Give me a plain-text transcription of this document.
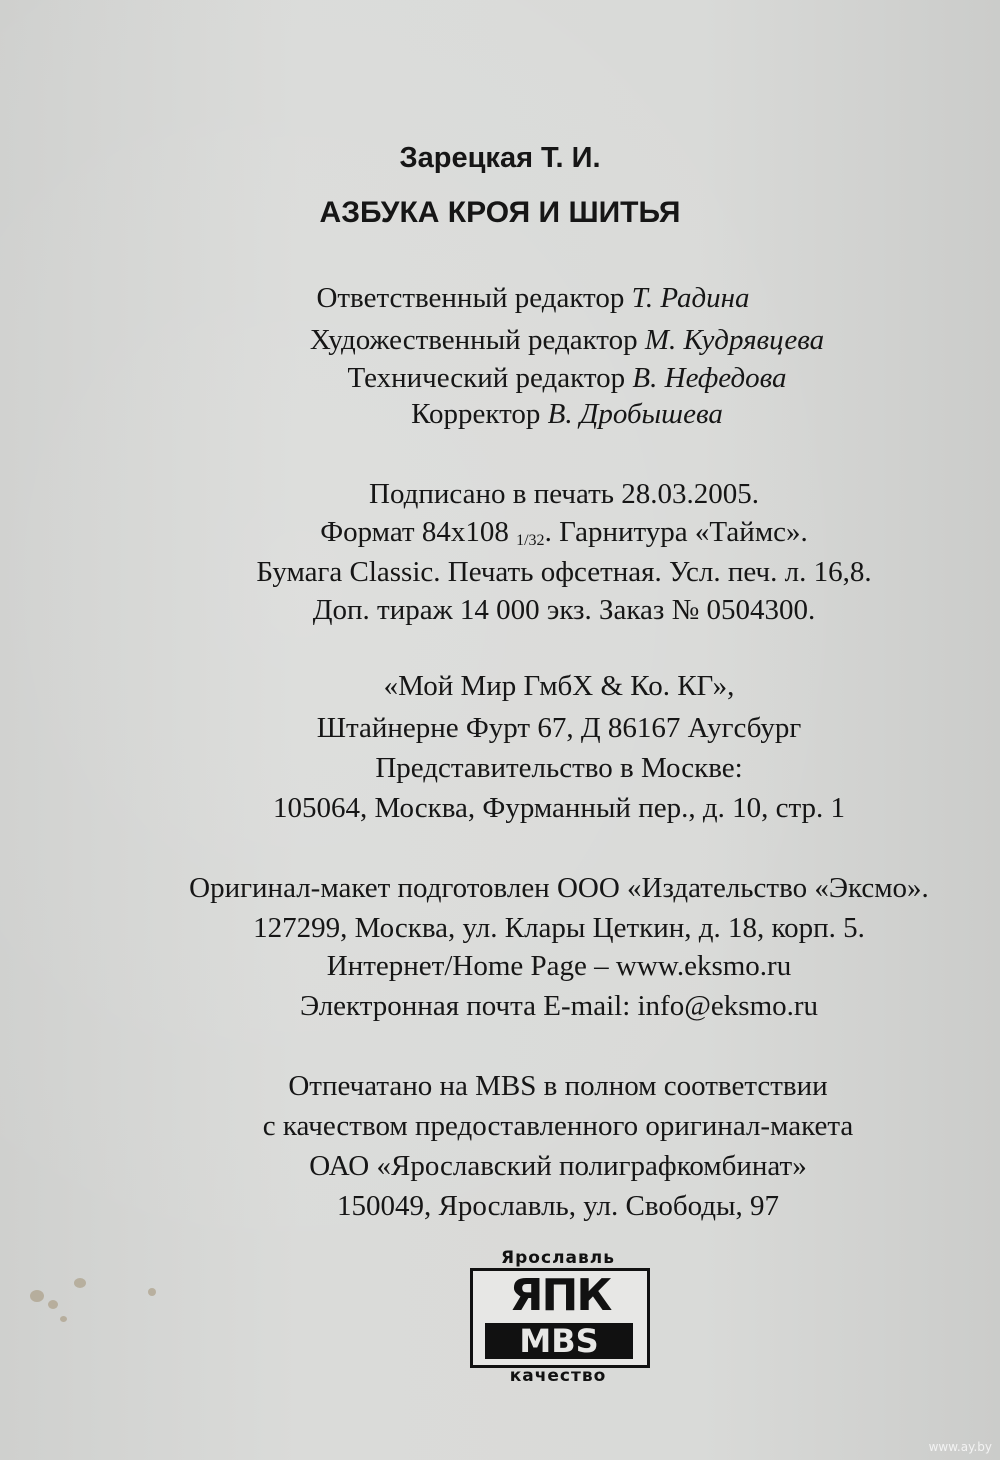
Зарецкая Т. И.
АЗБУКА КРОЯ И ШИТЬЯ
Ответственный редактор Т. Радина
Художественный редактор М. Кудрявцева
Технический редактор В. Нефедова
Корректор В. Дробышева
Подписано в печать 28.03.2005.
Формат 84x108 1/32. Гарнитура «Таймс».
Бумага Classic. Печать офсетная. Усл. печ. л. 16,8.
Доп. тираж 14 000 экз. Заказ № 0504300.
«Мой Мир ГмбХ & Ко. КГ»,
Штайнерне Фурт 67, Д 86167 Аугсбург
Представительство в Москве:
105064, Москва, Фурманный пер., д. 10, стр. 1
Оригинал-макет подготовлен ООО «Издательство «Эксмо».
127299, Москва, ул. Клары Цеткин, д. 18, корп. 5.
Интернет/Home Page – www.eksmo.ru
Электронная почта E-mail: info@eksmo.ru
Отпечатано на MBS в полном соответствии
с качеством предоставленного оригинал-макета
ОАО «Ярославский полиграфкомбинат»
150049, Ярославль, ул. Свободы, 97
Ярославль
ЯПК
MBS
качество
www.ay.by
